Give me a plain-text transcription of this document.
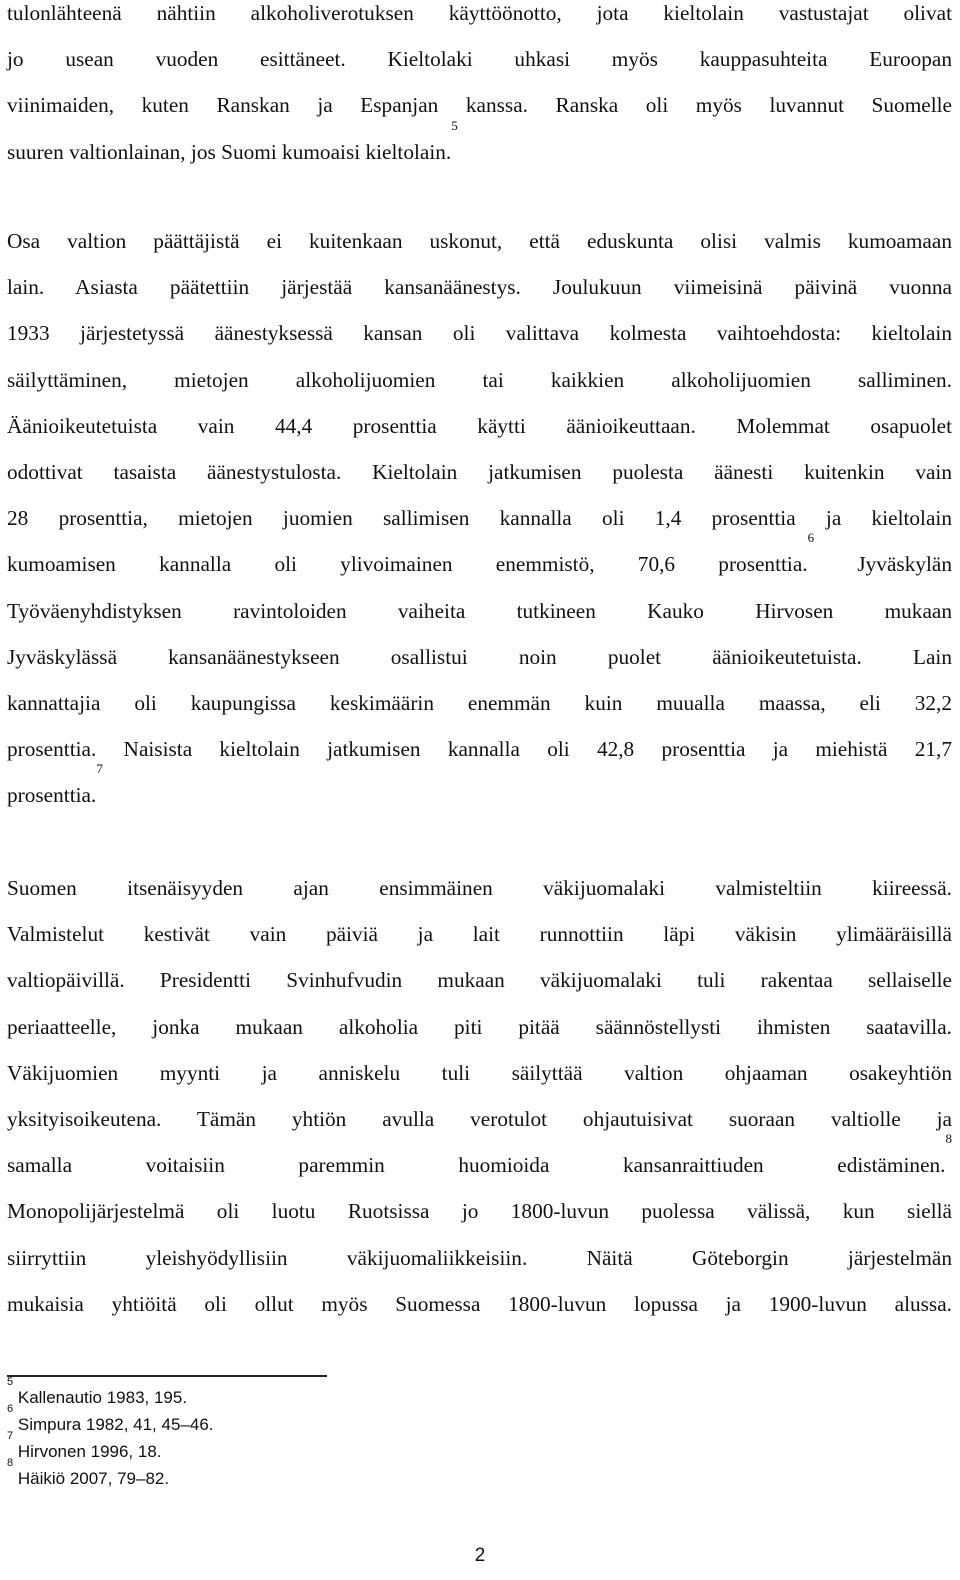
tulonlähteenä nähtiin alkoholiverotuksen käyttöönotto, jota kieltolain vastustajat olivat
jo usean vuoden esittäneet. Kieltolaki uhkasi myös kauppasuhteita Euroopan
viinimaiden, kuten Ranskan ja Espanjan kanssa. Ranska oli myös luvannut Suomelle
suuren valtionlainan, jos Suomi kumoaisi kieltolain.$^5$
Osa valtion päättäjistä ei kuitenkaan uskonut, että eduskunta olisi valmis kumoamaan
lain. Asiasta päätettiin järjestää kansanäänestys. Joulukuun viimeisinä päivinä vuonna
1933 järjestetyssä äänestyksessä kansan oli valittava kolmesta vaihtoehdosta: kieltolain
säilyttäminen, mietojen alkoholijuomien tai kaikkien alkoholijuomien salliminen.
Äänioikeutetuista vain 44,4 prosenttia käytti äänioikeuttaan. Molemmat osapuolet
odottivat tasaista äänestystulosta. Kieltolain jatkumisen puolesta äänesti kuitenkin vain
28 prosenttia, mietojen juomien sallimisen kannalla oli 1,4 prosenttia ja kieltolain
kumoamisen kannalla oli ylivoimainen enemmistö, 70,6 prosenttia.$^6$ Jyväskylän
Työväenyhdistyksen ravintoloiden vaiheita tutkineen Kauko Hirvosen mukaan
Jyväskylässä kansanäänestykseen osallistui noin puolet äänioikeutetuista. Lain
kannattajia oli kaupungissa keskimäärin enemmän kuin muualla maassa, eli 32,2
prosenttia. Naisista kieltolain jatkumisen kannalla oli 42,8 prosenttia ja miehistä 21,7
prosenttia.$^7$
Suomen itsenäisyyden ajan ensimmäinen väkijuomalaki valmisteltiin kiireessä.
Valmistelut kestivät vain päiviä ja lait runnottiin läpi väkisin ylimääräisillä
valtiopäivillä. Presidentti Svinhufvudin mukaan väkijuomalaki tuli rakentaa sellaiselle
periaatteelle, jonka mukaan alkoholia piti pitää säännöstellysti ihmisten saatavilla.
Väkijuomien myynti ja anniskelu tuli säilyttää valtion ohjaaman osakeyhtiön
yksityisoikeutena. Tämän yhtiön avulla verotulot ohjautuisivat suoraan valtiolle ja
samalla voitaisiin paremmin huomioida kansanraittiuden edistäminen.$^8$
Monopolijärjestelmä oli luotu Ruotsissa jo 1800-luvun puolessa välissä, kun siellä
siirryttiin yleishyödyllisiin väkijuomaliikkeisiin. Näitä Göteborgin järjestelmän
mukaisia yhtiöitä oli ollut myös Suomessa 1800-luvun lopussa ja 1900-luvun alussa.
$^5$ Kallenautio 1983, 195.
$^6$ Simpura 1982, 41, 45–46.
$^7$ Hirvonen 1996, 18.
$^8$ Häikiö 2007, 79–82.
2
